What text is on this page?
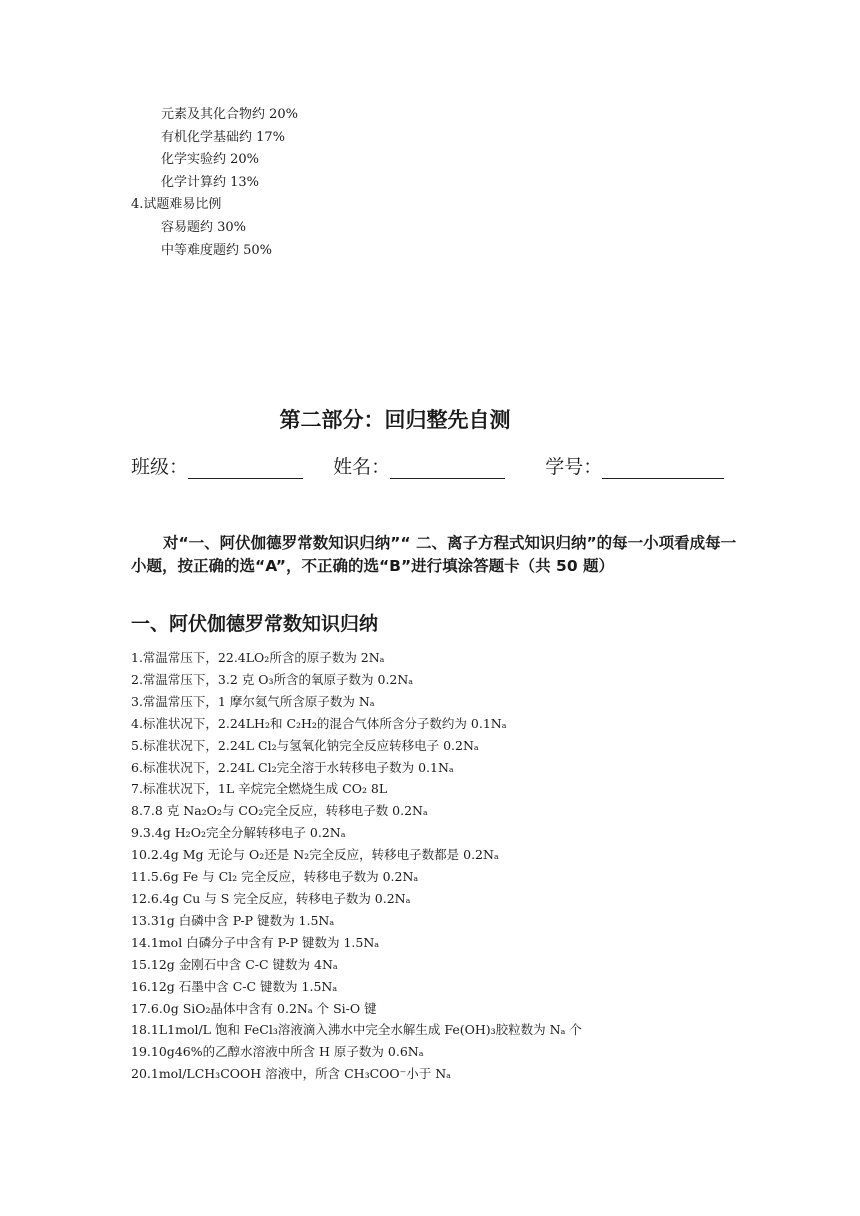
元素及其化合物约 20%
有机化学基础约 17%
化学实验约 20%
化学计算约 13%
4.试题难易比例
容易题约 30%
中等难度题约 50%
第二部分：回归整先自测
班级：	姓名：	学号：
对“一、阿伏伽德罗常数知识归纳”“ 二、离子方程式知识归纳”的每一小项看成每一小题，按正确的选“A”，不正确的选“B”进行填涂答题卡（共 50 题）
一、阿伏伽德罗常数知识归纳
1.常温常压下，22.4LO₂所含的原子数为 2Nₐ
2.常温常压下，3.2 克 O₃所含的氧原子数为 0.2Nₐ
3.常温常压下，1 摩尔氦气所含原子数为 Nₐ
4.标准状况下，2.24LH₂和 C₂H₂的混合气体所含分子数约为 0.1Nₐ
5.标准状况下，2.24L Cl₂与氢氧化钠完全反应转移电子 0.2Nₐ
6.标准状况下，2.24L Cl₂完全溶于水转移电子数为 0.1Nₐ
7.标准状况下，1L 辛烷完全燃烧生成 CO₂ 8L
8.7.8 克 Na₂O₂与 CO₂完全反应，转移电子数 0.2Nₐ
9.3.4g H₂O₂完全分解转移电子 0.2Nₐ
10.2.4g Mg 无论与 O₂还是 N₂完全反应，转移电子数都是 0.2Nₐ
11.5.6g Fe 与 Cl₂ 完全反应，转移电子数为 0.2Nₐ
12.6.4g Cu 与 S 完全反应，转移电子数为 0.2Nₐ
13.31g 白磷中含 P-P 键数为 1.5Nₐ
14.1mol 白磷分子中含有 P-P 键数为 1.5Nₐ
15.12g 金刚石中含 C-C 键数为 4Nₐ
16.12g 石墨中含 C-C 键数为 1.5Nₐ
17.6.0g SiO₂晶体中含有 0.2Nₐ 个 Si-O 键
18.1L1mol/L 饱和 FeCl₃溶液滴入沸水中完全水解生成 Fe(OH)₃胶粒数为 Nₐ 个
19.10g46%的乙醇水溶液中所含 H 原子数为 0.6Nₐ
20.1mol/LCH₃COOH 溶液中，所含 CH₃COO⁻小于 Nₐ
